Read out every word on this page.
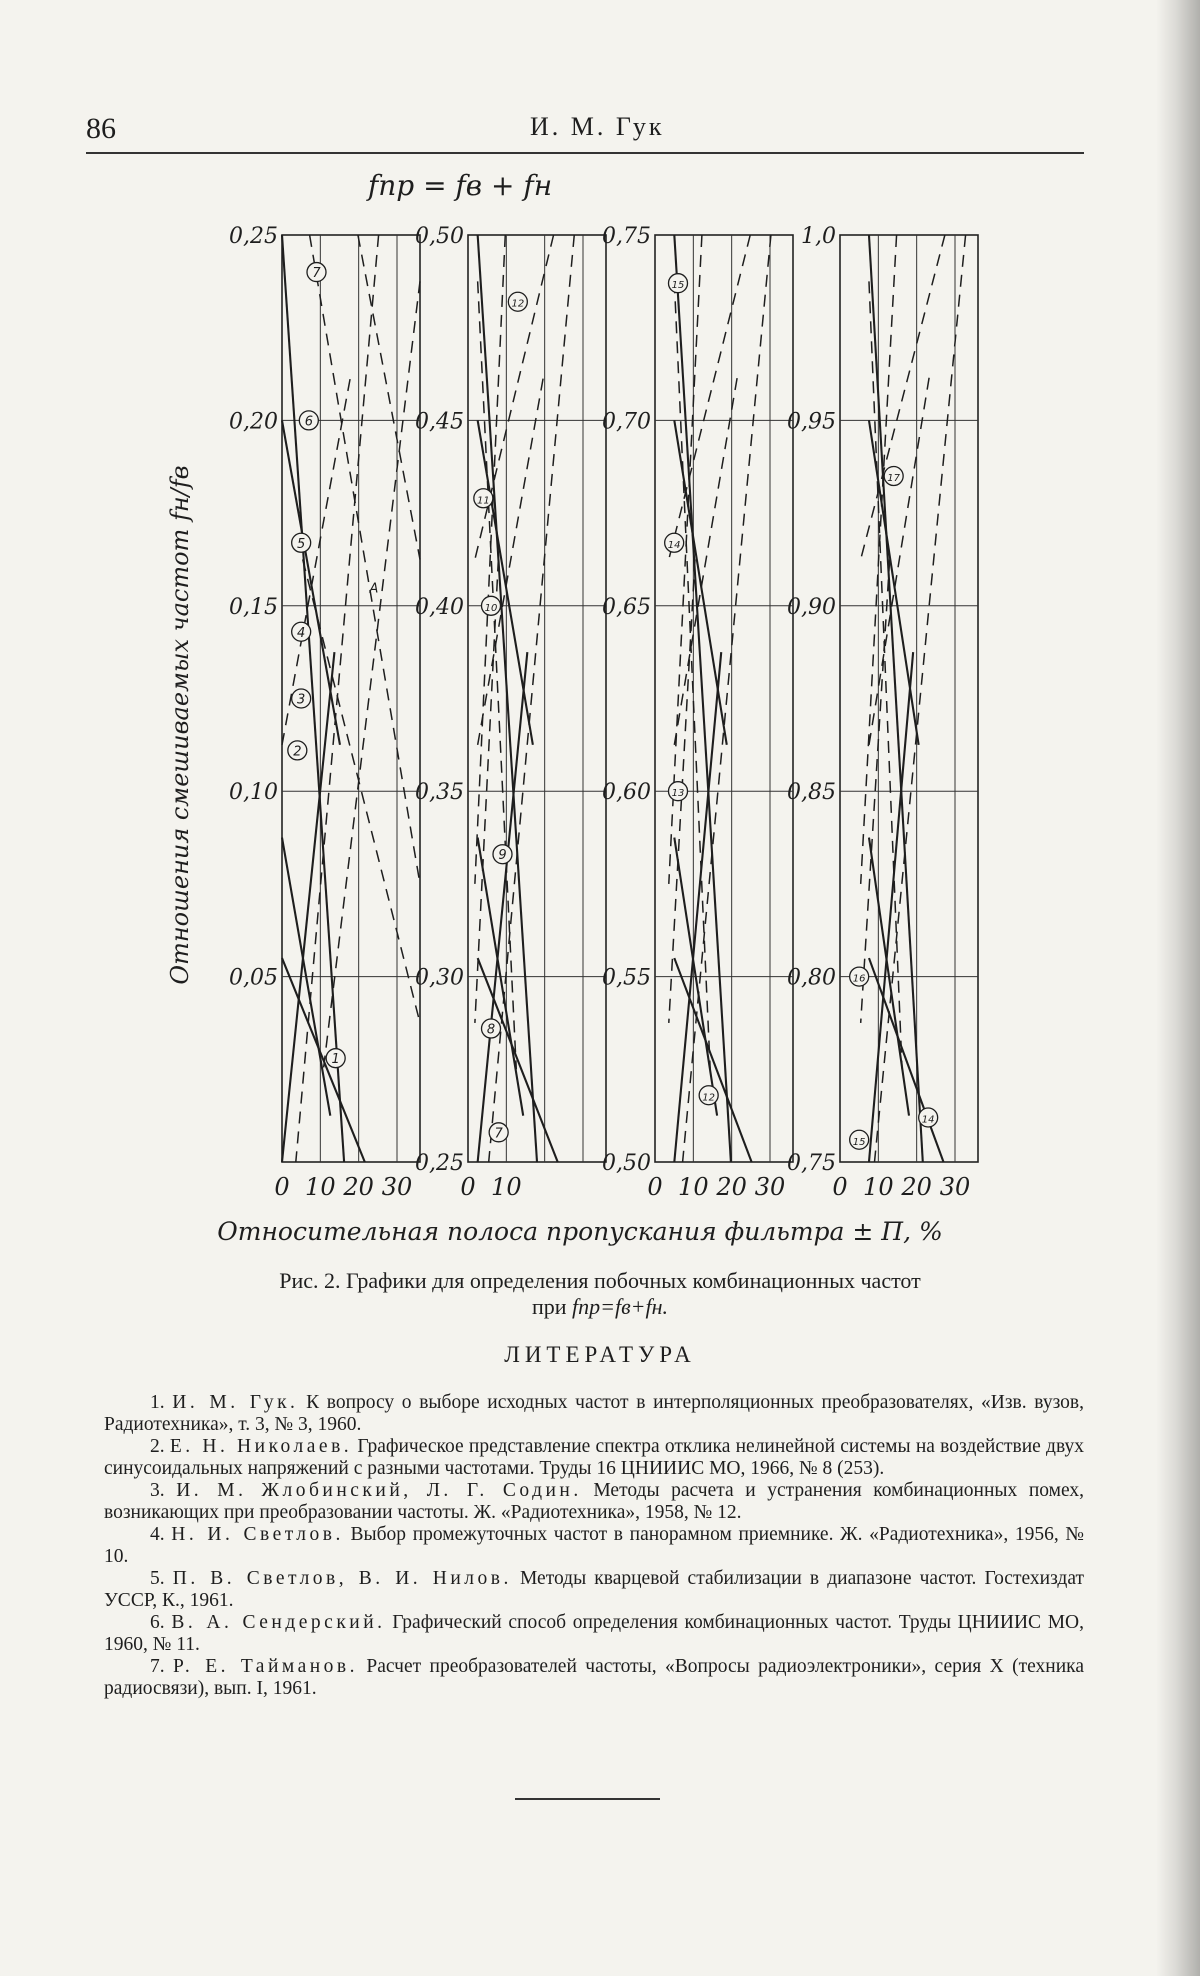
86	И. М. Гук
fпр = fв + fн
Отношения смешиваемых частот fн/fв
Относительная полоса пропускания фильтра ± П, %
0,05
0,10
0,15
0,20
0,25
0 10 20 30
1
2
3
4
5
6
7
A
0,25
0,30
0,35
0,40
0,45
0,50
0 10
7
8
9
10
11
12
0,50
0,55
0,60
0,65
0,70
0,75
0 10 20 30
12
13
14
15
0,75
0,80
0,85
0,90
0,95
1,0
0 10 20 30
15
16
17
14
Рис. 2. Графики для определения побочных комбинационных частот
при fпр=fв+fн.
ЛИТЕРАТУРА

1. И. М. Гук. К вопросу о выборе исходных частот в интерполяционных преобразователях, «Изв. вузов, Радиотехника», т. 3, № 3, 1960.

2. Е. Н. Николаев. Графическое представление спектра отклика нелинейной системы на воздействие двух синусоидальных напряжений с разными частотами. Труды 16 ЦНИИИС МО, 1966, № 8 (253).

3. И. М. Жлобинский, Л. Г. Содин. Методы расчета и устранения комбинационных помех, возникающих при преобразовании частоты. Ж. «Радиотехника», 1958, № 12.

4. Н. И. Светлов. Выбор промежуточных частот в панорамном приемнике. Ж. «Радиотехника», 1956, № 10.

5. П. В. Светлов, В. И. Нилов. Методы кварцевой стабилизации в диапазоне частот. Гостехиздат УССР, К., 1961.

6. В. А. Сендерский. Графический способ определения комбинационных частот. Труды ЦНИИИС МО, 1960, № 11.

7. Р. Е. Тайманов. Расчет преобразователей частоты, «Вопросы радиоэлектроники», серия X (техника радиосвязи), вып. I, 1961.
